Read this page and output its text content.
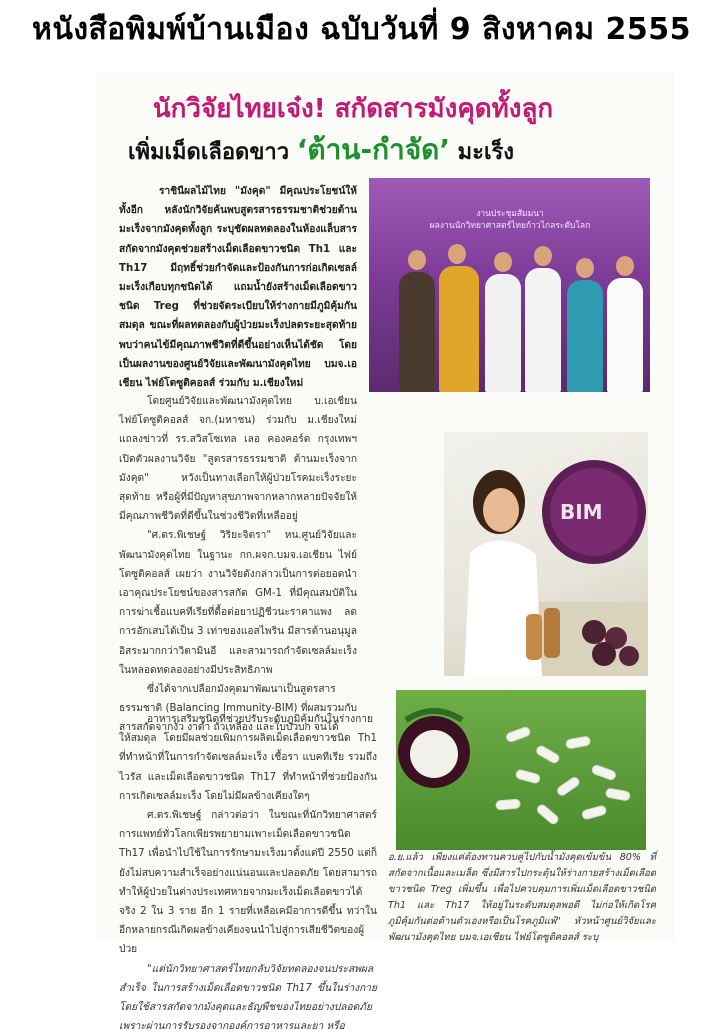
หนังสือพิมพ์บ้านเมือง ฉบับวันที่ 9 สิงหาคม 2555
นักวิจัยไทยเจ๋ง! สกัดสารมังคุดทั้งลูก
เพิ่มเม็ดเลือดขาว ‘ต้าน-กำจัด’ มะเร็ง

ราชินีผลไม้ไทย "มังคุด" มีคุณประโยชน์ให้ทั้งอีก หลังนักวิจัยค้นพบสูตรสารธรรมชาติช่วยต้านมะเร็งจากมังคุดทั้งลูก ระบุชัดผลทดลองในห้องแล็บสารสกัดจากมังคุดช่วยสร้างเม็ดเลือดขาวชนิด Th1 และ Th17 มีฤทธิ์ช่วยกำจัดและป้องกันการก่อเกิดเซลล์มะเร็งเกือบทุกชนิดได้ แถมน้ำยังสร้างเม็ดเลือดขาวชนิด Treg ที่ช่วยจัดระเบียบให้ร่างกายมีภูมิคุ้มกันสมดุล ขณะที่ผลทดลองกับผู้ป่วยมะเร็งปลดระยะสุดท้าย พบว่าคนไข้มีคุณภาพชีวิตที่ดีขึ้นอย่างเห็นได้ชัด โดยเป็นผลงานของศูนย์วิจัยและพัฒนามังคุดไทย บมจ.เอเชียน ไฟย์โตซูติคอลส์ ร่วมกับ ม.เชียงใหม่

โดยศูนย์วิจัยและพัฒนามังคุดไทย บ.เอเชียน ไฟย์โตซูติคอลส์ จก.(มหาชน) ร่วมกับ ม.เชียงใหม่ แถลงข่าวที่ รร.สวิสโซเทล เลอ คองคอร์ด กรุงเทพฯ เปิดตัวผลงานวิจัย "สูตรสารธรรมชาติ ต้านมะเร็งจากมังคุด" หวังเป็นทางเลือกให้ผู้ป่วยโรคมะเร็งระยะสุดท้าย หรือผู้ที่มีปัญหาสุขภาพจากหลากหลายปัจจัยให้มีคุณภาพชีวิตที่ดีขึ้นในช่วงชีวิตที่เหลืออยู่

"ศ.ดร.พิเชษฐ์ วิริยะจิตรา" หน.ศูนย์วิจัยและพัฒนามังคุดไทย ในฐานะ กก.ผจก.บมจ.เอเชียน ไฟย์โตซูติคอลส์ เผยว่า งานวิจัยดังกล่าวเป็นการต่อยอดนำเอาคุณประโยชน์ของสารสกัด GM-1 ที่มีคุณสมบัติในการฆ่าเชื้อแบคทีเรียที่ดื้อต่อยาปฏิชีวนะราคาแพง ลดการอักเสบได้เป็น 3 เท่าของแอสไพริน มีสารต้านอนุมูลอิสระมากกว่าวิตามินอี และสามารถกำจัดเซลล์มะเร็งในหลอดทดลองอย่างมีประสิทธิภาพ

ซึ่งได้จากเปลือกมังคุดมาพัฒนาเป็นสูตรสารธรรมชาติ (Balancing Immunity-BIM) ที่ผสมรวมกับสารสกัดจากงัว งาดำ ถั่วเหลือง และใบบัวบก จนได้

อาหารเสริมชนิดที่ช่วยปรับระดับภูมิคุ้มกันในร่างกายให้สมดุล โดยมีผลช่วยเพิ่มการผลิตเม็ดเลือดขาวชนิด Th1 ที่ทำหน้าที่ในการกำจัดเซลล์มะเร็ง เชื้อรา แบคทีเรีย รวมถึงไวรัส และเม็ดเลือดขาวชนิด Th17 ที่ทำหน้าที่ช่วยป้องกันการเกิดเซลล์มะเร็ง โดยไม่มีผลข้างเคียงใดๆ

ศ.ดร.พิเชษฐ์ กล่าวต่อว่า ในขณะที่นักวิทยาศาสตร์การแพทย์ทั่วโลกเพียรพยายามเพาะเม็ดเลือดขาวชนิด Th17 เพื่อนำไปใช้ในการรักษามะเร็งมาตั้งแต่ปี 2550 แต่ก็ยังไม่สบความสำเร็จอย่างแน่นอนและปลอดภัย โดยสามารถทำให้ผู้ป่วยในต่างประเทศหายจากมะเร็งเม็ดเลือดขาวได้จริง 2 ใน 3 ราย อีก 1 รายที่เหลือเคมีอาการดีขึ้น ทว่าในอีกหลายกรณีเกิดผลข้างเคียงจนนำไปสู่การเสียชีวิตของผู้ป่วย

"แต่นักวิทยาศาสตร์ไทยกลับวิจัยทดลองจนประสพผลสำเร็จ ในการสร้างเม็ดเลือดขาวชนิด Th17 ขึ้นในร่างกาย โดยใช้สารสกัดจากมังคุดและธัญพืชของไทยอย่างปลอดภัย เพราะผ่านการรับรองจากองค์การอาหารและยา หรือ

งานประชุมสัมมนา
ผลงานนักวิทยาศาสตร์ไทยก้าวไกลระดับโลก
BIM
อ.ย.แล้ว เพียงแค่ต้องทานควบคู่ไปกับน้ำมังคุดเข้มข้น 80% ที่สกัดจากเนื้อและเมล็ด ซึ่งมีสารไปกระตุ้นให้ร่างกายสร้างเม็ดเลือดขาวชนิด Treg เพิ่มขึ้น เพื่อไปควบคุมการเพิ่มเม็ดเลือดขาวชนิด Th1 และ Th17 ให้อยู่ในระดับสมดุลพอดี ไม่ก่อให้เกิดโรคภูมิคุ้มกันต่อต้านตัวเองหรือเป็นโรคภูมิแพ้" หัวหน้าศูนย์วิจัยและพัฒนามังคุดไทย บมจ.เอเชียน ไฟย์โตซูติคอลส์ ระบุ
